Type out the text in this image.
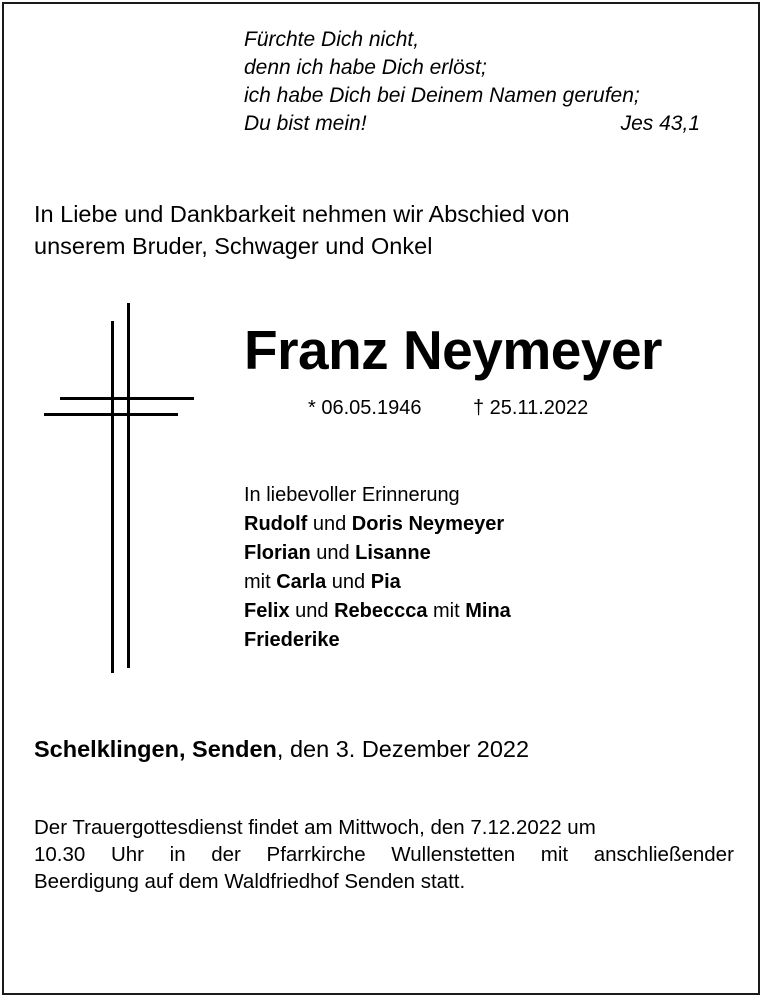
Fürchte Dich nicht,
denn ich habe Dich erlöst;
ich habe Dich bei Deinem Namen gerufen;
Du bist mein!	Jes 43,1
In Liebe und Dankbarkeit nehmen wir Abschied von
unserem Bruder, Schwager und Onkel
Franz Neymeyer
* 06.05.1946	† 25.11.2022
In liebevoller Erinnerung
Rudolf und Doris Neymeyer
Florian und Lisanne
mit Carla und Pia
Felix und Rebeccca mit Mina
Friederike
Schelklingen, Senden, den 3. Dezember 2022
Der Trauergottesdienst findet am Mittwoch, den 7.12.2022 um
10.30 Uhr in der Pfarrkirche Wullenstetten mit anschließender
Beerdigung auf dem Waldfriedhof Senden statt.
